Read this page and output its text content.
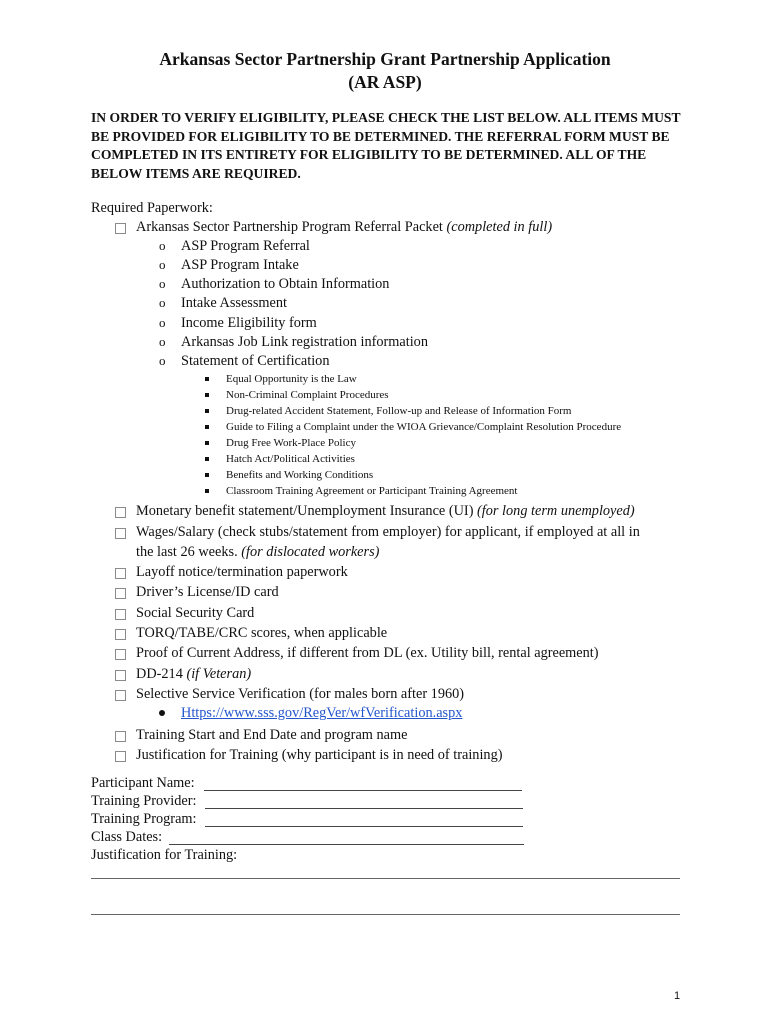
Arkansas Sector Partnership Grant Partnership Application
(AR ASP)
IN ORDER TO VERIFY ELIGIBILITY, PLEASE CHECK THE LIST BELOW. ALL ITEMS MUST BE PROVIDED FOR ELIGIBILITY TO BE DETERMINED. THE REFERRAL FORM MUST BE COMPLETED IN ITS ENTIRETY FOR ELIGIBILITY TO BE DETERMINED. ALL OF THE BELOW ITEMS ARE REQUIRED.
Required Paperwork:
Arkansas Sector Partnership Program Referral Packet (completed in full)
o ASP Program Referral
o ASP Program Intake
o Authorization to Obtain Information
o Intake Assessment
o Income Eligibility form
o Arkansas Job Link registration information
o Statement of Certification
Equal Opportunity is the Law
Non-Criminal Complaint Procedures
Drug-related Accident Statement, Follow-up and Release of Information Form
Guide to Filing a Complaint under the WIOA Grievance/Complaint Resolution Procedure
Drug Free Work-Place Policy
Hatch Act/Political Activities
Benefits and Working Conditions
Classroom Training Agreement or Participant Training Agreement
Monetary benefit statement/Unemployment Insurance (UI) (for long term unemployed)
Wages/Salary (check stubs/statement from employer) for applicant, if employed at all in
the last 26 weeks. (for dislocated workers)
Layoff notice/termination paperwork
Driver’s License/ID card
Social Security Card
TORQ/TABE/CRC scores, when applicable
Proof of Current Address, if different from DL (ex. Utility bill, rental agreement)
DD-214 (if Veteran)
Selective Service Verification (for males born after 1960)
Https://www.sss.gov/RegVer/wfVerification.aspx
Training Start and End Date and program name
Justification for Training (why participant is in need of training)
Participant Name:
Training Provider:
Training Program:
Class Dates:
Justification for Training:
1
